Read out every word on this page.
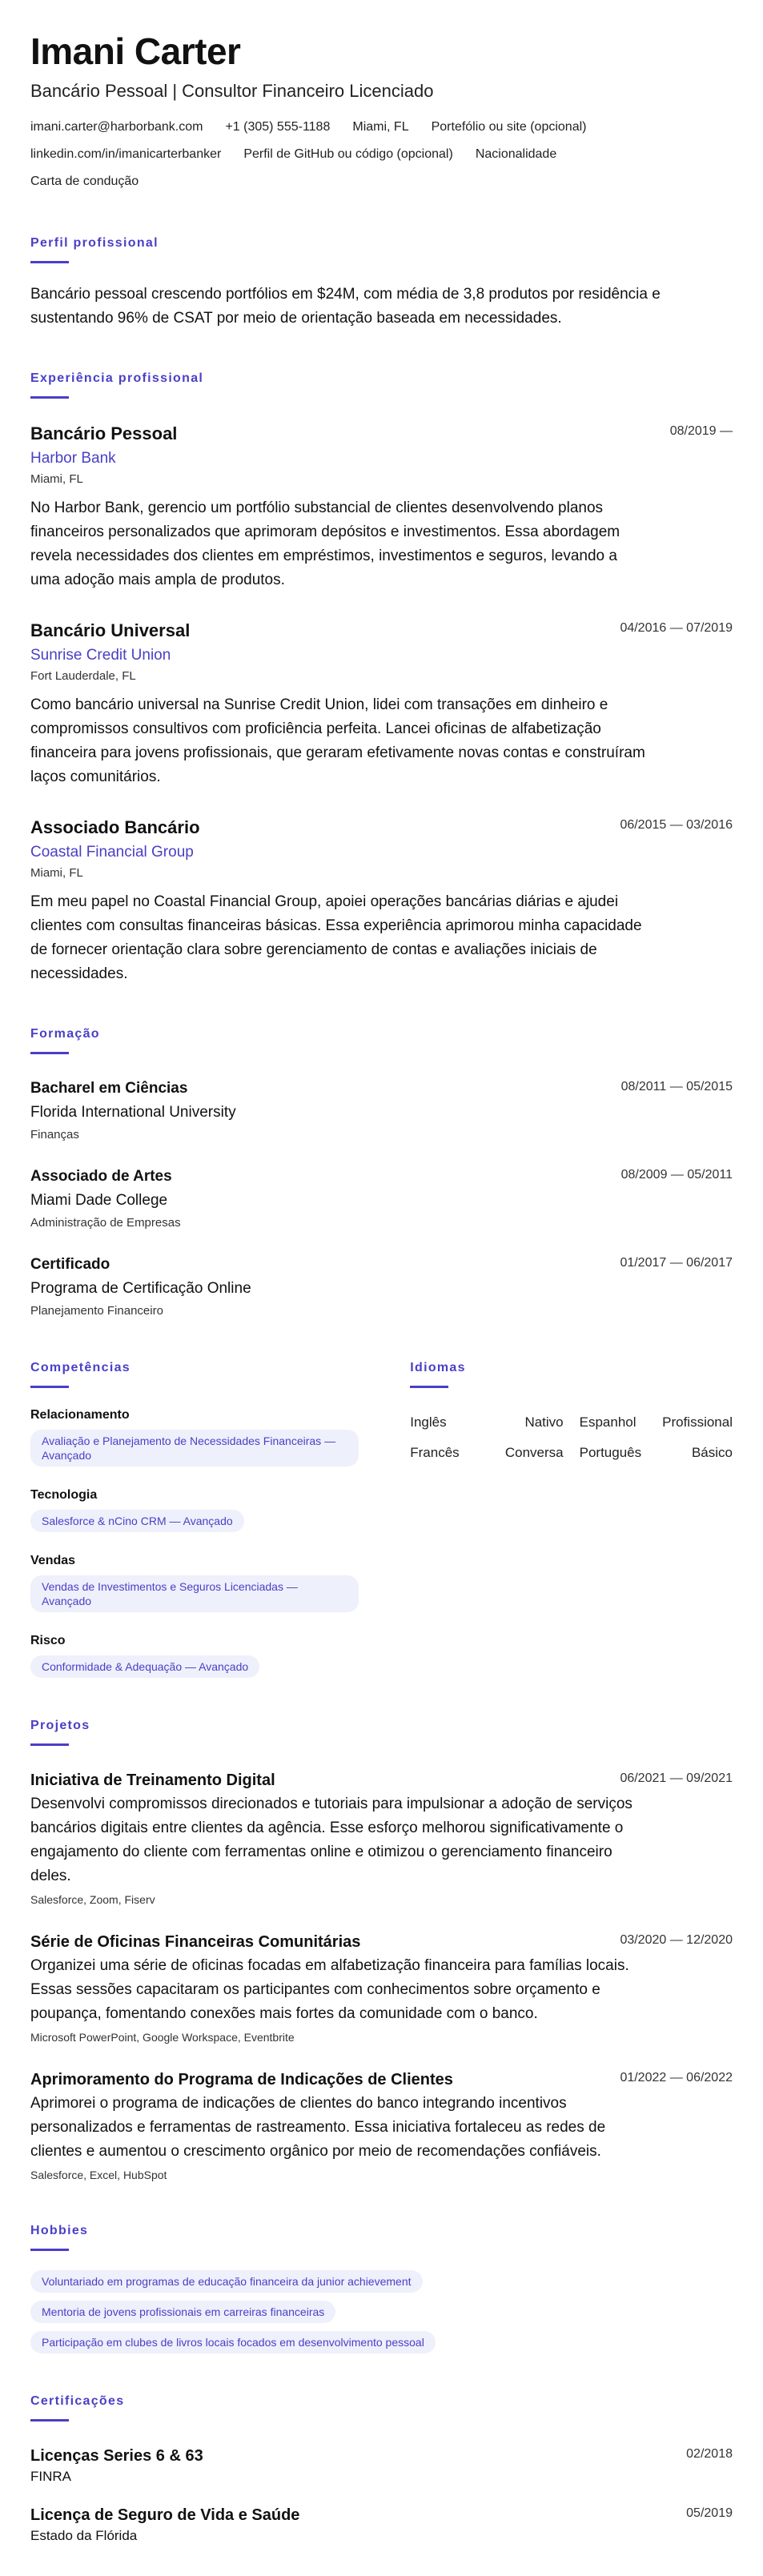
Imani Carter
Bancário Pessoal | Consultor Financeiro Licenciado
imani.carter@harborbank.com +1 (305) 555-1188 Miami, FL Portefólio ou site (opcional)
linkedin.com/in/imanicarterbanker Perfil de GitHub ou código (opcional) Nacionalidade
Carta de condução
Perfil profissional
Bancário pessoal crescendo portfólios em $24M, com média de 3,8 produtos por residência e sustentando 96% de CSAT por meio de orientação baseada em necessidades.
Experiência profissional
08/2019 —
Bancário Pessoal
Harbor Bank
Miami, FL
No Harbor Bank, gerencio um portfólio substancial de clientes desenvolvendo planos financeiros personalizados que aprimoram depósitos e investimentos. Essa abordagem revela necessidades dos clientes em empréstimos, investimentos e seguros, levando a uma adoção mais ampla de produtos.
04/2016 — 07/2019
Bancário Universal
Sunrise Credit Union
Fort Lauderdale, FL
Como bancário universal na Sunrise Credit Union, lidei com transações em dinheiro e compromissos consultivos com proficiência perfeita. Lancei oficinas de alfabetização financeira para jovens profissionais, que geraram efetivamente novas contas e construíram laços comunitários.
06/2015 — 03/2016
Associado Bancário
Coastal Financial Group
Miami, FL
Em meu papel no Coastal Financial Group, apoiei operações bancárias diárias e ajudei clientes com consultas financeiras básicas. Essa experiência aprimorou minha capacidade de fornecer orientação clara sobre gerenciamento de contas e avaliações iniciais de necessidades.
Formação
08/2011 — 05/2015
Bacharel em Ciências
Florida International University
Finanças
08/2009 — 05/2011
Associado de Artes
Miami Dade College
Administração de Empresas
01/2017 — 06/2017
Certificado
Programa de Certificação Online
Planejamento Financeiro
Competências
Relacionamento
Avaliação e Planejamento de Necessidades Financeiras — Avançado
Tecnologia
Salesforce & nCino CRM — Avançado
Vendas
Vendas de Investimentos e Seguros Licenciadas — Avançado
Risco
Conformidade & Adequação — Avançado
Idiomas
Inglês	Nativo Espanhol Profissional
Francês	Conversa Português	Básico
Projetos
06/2021 — 09/2021
Iniciativa de Treinamento Digital
Desenvolvi compromissos direcionados e tutoriais para impulsionar a adoção de serviços bancários digitais entre clientes da agência. Esse esforço melhorou significativamente o engajamento do cliente com ferramentas online e otimizou o gerenciamento financeiro deles.
Salesforce, Zoom, Fiserv
03/2020 — 12/2020
Série de Oficinas Financeiras Comunitárias
Organizei uma série de oficinas focadas em alfabetização financeira para famílias locais. Essas sessões capacitaram os participantes com conhecimentos sobre orçamento e poupança, fomentando conexões mais fortes da comunidade com o banco.
Microsoft PowerPoint, Google Workspace, Eventbrite
01/2022 — 06/2022
Aprimoramento do Programa de Indicações de Clientes
Aprimorei o programa de indicações de clientes do banco integrando incentivos personalizados e ferramentas de rastreamento. Essa iniciativa fortaleceu as redes de clientes e aumentou o crescimento orgânico por meio de recomendações confiáveis.
Salesforce, Excel, HubSpot
Hobbies
Voluntariado em programas de educação financeira da junior achievement
Mentoria de jovens profissionais em carreiras financeiras
Participação em clubes de livros locais focados em desenvolvimento pessoal
Certificações
02/2018
Licenças Series 6 & 63
FINRA
05/2019
Licença de Seguro de Vida e Saúde
Estado da Flórida
